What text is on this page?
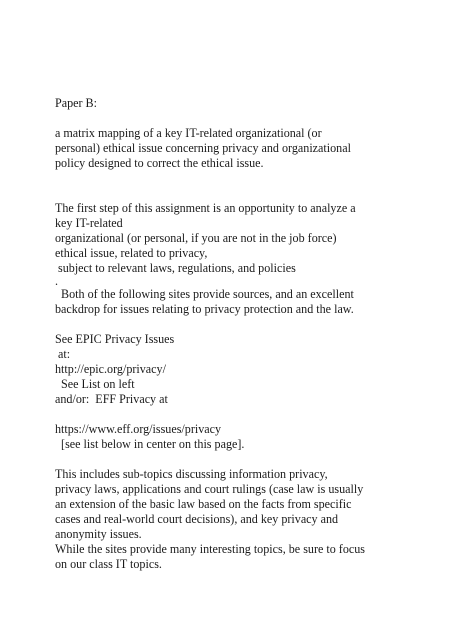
Paper B:
a matrix mapping of a key IT-related organizational (or
personal) ethical issue concerning privacy and organizational
policy designed to correct the ethical issue.
The first step of this assignment is an opportunity to analyze a
key IT-related
organizational (or personal, if you are not in the job force)
ethical issue, related to privacy,
subject to relevant laws, regulations, and policies
.
Both of the following sites provide sources, and an excellent
backdrop for issues relating to privacy protection and the law.
See EPIC Privacy Issues
at:
http://epic.org/privacy/
See List on left
and/or:  EFF Privacy at
https://www.eff.org/issues/privacy
[see list below in center on this page].
This includes sub-topics discussing information privacy,
privacy laws, applications and court rulings (case law is usually
an extension of the basic law based on the facts from specific
cases and real-world court decisions), and key privacy and
anonymity issues.
While the sites provide many interesting topics, be sure to focus
on our class IT topics.
